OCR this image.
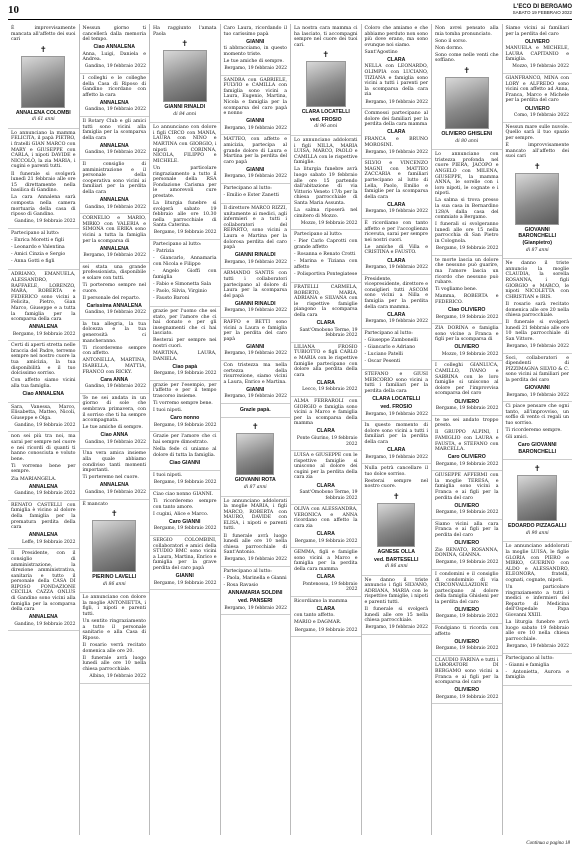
10	L'ECO DI BERGAMO
SABATO 19 FEBBRAIO 2022

È improvvisamente mancata all'affetto dei suoi cari

✝
ANNALENA COLOMBI
di 61 anni

Lo annunciano la mamma FELICITA, il papà PIETRO, i fratelli GIAN MARCO con MARY e GIUSEPPE con CARLA, i nipoti DAVIDE e NICCOLÒ, la zia MARIA, i cugini e parenti tutti.

Il funerale si svolgerà lunedì 21 febbraio alle ore 15 direttamente nella basilica di Gandino.

La cara Annalena sarà composta nella camera mortuaria della casa di riposo di Gandino.

Gandino, 19 febbraio 2022

Partecipano al lutto:

- Enrica Moretti e figli

- Leonardo e Valentina

- Amici Cinzia e Sergio

- Anna Gotti e figli

ADRIANO, EMANUELA, ALESSANDRO, RAFFAELE, LORENZO, MARA, ROBERTA e FEDERICO sono vicini a Felicita, Pietro, Gian Marco, Giuseppe e a tutta la famiglia per la scomparsa della cara

ANNALENA
Bergamo, 19 febbraio 2022

Certi di aperti stretta nelle braccia del Padre, terremo sempre nel nostro cuore la tua amicizia, la tua disponibilità e il tuo dolcissimo sorriso.

Con affetto siamo vicini alla tua famiglia.

Ciao ANNALENA

Sara, Vanessa, Marco, Elisabetta, Matteo, Nicoli, Giuseppe e Olga.

Gandino, 19 febbraio 2022

non sei più tra noi, ma sarai per sempre nel cuore e nei ricordi di quanti ti hanno conosciuta e voluto bene.

Ti vorremo bene per sempre.

Zia MARIANGELA.

ANNALENA
Gandino, 19 febbraio 2022

RENATO CASTELLI con famiglia è vicino al dolore della famiglia per la prematura perdita della cara

ANNALENA
Leffe, 19 febbraio 2022

Il Presidente, con il consiglio di amministrazione, la direzione amministrativa, sanitaria e tutto il personale della CASA DI RIPOSO FONDAZIONE CECILIA CAZZA ONLUS di Gandino sono vicini alla famiglia per la scomparsa della cara

ANNALENA
Gandino, 19 febbraio 2022

Nessun giorno ti cancellerà dalla memoria del tempo.

Ciao ANNALENA

Anna, Luigi, Daniela e Andrea.

Gandino, 19 febbraio 2022

I colleghi e le colleghe della Casa di Riposo di Gandino ricordano con affetto la cara

ANNALENA
Gandino, 19 febbraio 2022

Il Rotary Club e gli amici tutti sono vicini alla famiglia per la scomparsa della cara

ANNALENA
Gandino, 19 febbraio 2022

Il consiglio di amministrazione e il personale della cooperativa sono vicini ai familiari per la perdita della cara

ANNALENA
Gandino, 19 febbraio 2022

CORNELIO e MARIO, MIRKO con VALERIA e SIMONA con ERIKA sono vicini a tutta la famiglia per la scomparsa di

ANNALENA
Bergamo, 19 febbraio 2022

sei stata una grande professionista, disponibile e solare con tutti.

Ti porteremo sempre nel cuore.

Il personale del reparto.

Carissima ANNALENA
Gandino, 19 febbraio 2022

la tua allegria, la tua dolcezza e la tua generosità ci mancheranno.

Ti ricorderemo sempre con affetto.

ANTONELLA, MARTINA, ISABELLA, MATTIA, FRANCO con RICKY.

Cara ANNA
Gandino, 19 febbraio 2022

Te ne sei andata in un giorno di sole che sembrava primavera, con il sorriso che ti ha sempre accompagnata.

Le tue amiche di sempre.

Ciao ANNA
Gandino, 19 febbraio 2022

Una vera amica insieme alla quale abbiamo condiviso tanti momenti importanti.

Ti porteremo nel cuore.

ANNALENA
Gandino, 19 febbraio 2022

È mancato

✝
PIERINO LAVELLI
di 86 anni

Lo annunciano con dolore la moglie ANTONIETTA, i figli, i nipoti e parenti tutti.

Un sentito ringraziamento a tutto il personale sanitario e alla Casa di Riposo.

Il rosario verrà recitato domenica alle ore 20.

Il funerale avrà luogo lunedì alle ore 10 nella chiesa parrocchiale.

Albino, 19 febbraio 2022

Ha raggiunto l'amata Paola

✝
GIANNI RINALDI
di 84 anni

Lo annunciano con dolore i figli CIRCO con MANIA, LAURA con NINO e MARTINA con GIORGIO, i nipoti CORINNA, NICOLA, FILIPPO e MICHELE.

Un particolare ringraziamento a tutto il personale della RSA Fondazione Carisma per le amorevoli cure prestate.

La liturgia funebre si svolgerà sabato 19 febbraio alle ore 10.30 nella parrocchiale di Santa Caterina.

Bergamo, 19 febbraio 2022

Partecipano al lutto:

- Patrizia

- Giancarlo, Annamaria con Nicola e Filippo

- Angelo Gioffi con famiglia

- Fabio e Simonetta Sala

- Paolo, Silvia, Virginio

- Fausto Baroni

grazie per l'uomo che sei stato, per l'amore che ci hai donato e per gli insegnamenti che ci hai lasciato.

Resterai per sempre nei nostri cuori.

MARTINA, LAURA, DANIELA.

Ciao papà
Bergamo, 19 febbraio 2022

grazie per l'esempio, per l'affetto e per il tempo trascorso insieme.

Ti vorremo sempre bene.

I tuoi nipoti.

Caro nonno
Bergamo, 19 febbraio 2022

Grazie per l'amore che ci hai sempre dimostrato.

Nella fede ci uniamo al dolore di tutta la famiglia.

Ciao GIANNI

I tuoi nipoti.

Bergamo, 19 febbraio 2022

Ciao ciao nonno GIANNI.

Ti ricorderemo sempre con tanto amore.

I cugini, Alice e Marco.

Caro GIANNI
Bergamo, 19 febbraio 2022

SERGIO COLOMBINI, collaboratori e amici della STUDIO BMC sono vicini a Laura, Martina, Enrico e famiglia per la grave perdita del caro papà

GIANNI
Bergamo, 19 febbraio 2022

Caro Laura, ricordando il tuo carissimo papà

GIANNI

ti abbracciamo, in questo momento triste.

Le tue amiche di sempre.

Bergamo, 19 febbraio 2022

SANDRA con GABRIELE, FULVIO e CAMILLA con famiglia sono vicini a Laura, Eugenio, Martina, Nicola e famiglia per la scomparsa del caro papà e nonno

GIANNI
Bergamo, 19 febbraio 2022

MATTEO, con affetto e amicizia, partecipa al grande dolore di Laura e Martina per la perdita del caro papà

GIANNI
Bergamo, 19 febbraio 2022

Partecipano al lutto:

- Emilio e Ester Zanetti

Il direttore MARCO RIZZI, unitamente ai medici, agli infermieri e a tutti i collaboratori del REPARTO, sono vicini a Laura e Martina per la dolorosa perdita del caro papà

GIANNI RINALDI
Bergamo, 19 febbraio 2022

ARMANDO SANTIS con tutti i collaboratori partecipano al dolore di Laura per la scomparsa del papà

GIANNI RINALDI
Bergamo, 19 febbraio 2022

RAFFO e BETTI sono vicini a Laura e famiglia per la perdita del caro papà

GIANNI
Bergamo, 19 febbraio 2022

Con tristezza ma nella certezza della risurrezione, siamo vicini a Laura, Enrico e Martina.

GIANNI
Bergamo, 19 febbraio 2022
Grazie papà.
✝
GIOVANNI ROTA
di 87 anni

Lo annunciano addolorati la moglie MARIA, i figli MARCO, ROBERTA con MAURO, DAVIDE con ELISA, i nipoti e parenti tutti.

Il funerale avrà luogo lunedì alle ore 10 nella chiesa parrocchiale di Sant'Antonio.

Bergamo, 19 febbraio 2022

Partecipano al lutto:

- Paola, Marinella e Gianni

- Rosa Ravasio

ANNAMARIA SOLDINI
ved. PANSERI
Bergamo, 19 febbraio 2022

La nostra cara mamma ci ha lasciato, ti accompagni sempre nel cuore dei tuoi cari.

✝
CLARA LOCATELLI
ved. FROSIO
di 96 anni

Lo annunciano addolorati i figli NILLA, MARIA LUISA, MARCO, PAOLO e CAMILLA con le rispettive famiglie.

La liturgia funebre avrà luogo sabato 19 febbraio alle ore 15 partendo dall'abitazione di via Vittorio Veneto 17/b per la chiesa parrocchiale di Santa Maria Assunta.

La salma riposerà nel cimitero di Mozzo.

Mozzo, 19 febbraio 2022

Partecipano al lutto:

- Pier Carlo Caprotti con grande affetto

- Rosanna e Renato Crotti

- Marina e Tiziana con affetto

- Polisportiva Pontegiatese

FRATELLI CARMELA, ROBERTO, MARIA, ADRIANA e SILVANA con le rispettive famiglie piangono la scomparsa della cara

CLARA
Sant'Omobono Terme, 19 febbraio 2022

LILIANA FROSIO TUBIOTTO e figli CARLO e MARIA con le rispettive famiglie partecipano con dolore alla perdita della cara

CLARA
Lecco, 19 febbraio 2022

ALMA FERRAROLI con GIORGIO e famiglia sono vicini a Marco e famiglia per la scomparsa della mamma

CLARA
Ponte Giurino, 19 febbraio 2022

LUISA e GIUSEPPE con le rispettive famiglie si uniscono al dolore dei cugini per la perdita della cara zia

CLARA
Sant'Omobono Terme, 19 febbraio 2022

OLIVA con ALESSANDRA, VERONICA e ANNA ricordano con affetto la cara zia

CLARA
Bergamo, 19 febbraio 2022

GEMMA, figli e famiglie sono vicini a Marco e famiglia per la perdita della cara mamma

CLARA
Pontenossa, 19 febbraio 2022

Ricordiamo la mamma

CLARA

con tanto affetto.

MARIO e DAGMAR.

Bergamo, 19 febbraio 2022

Coloro che amiamo e che abbiamo perduto non sono più dove erano, ma sono ovunque noi siamo.

Sant'Agostino

CLARA

NELLA con LEONARDO, OLIMPIA con LUCIANO, TIZIANA e famiglia sono vicini a tutti i parenti per la scomparsa della cara zia

Bergamo, 19 febbraio 2022

Commossi partecipano al dolore dei familiari per la perdita della cara mamma

CLARA

FRANCA e BRUNO MOROSINI.

Bergamo, 19 febbraio 2022

SILVIO e VINCENZO MAGNI con MATTEO ZACCARIA e familiari partecipano al lutto di Lella, Paolo, Emilio e famiglie per la scomparsa della cara

CLARA
Bergamo, 19 febbraio 2022

È ricordiamo con tanto affetto e per l'accoglienza ricevuta, sarai per sempre nei nostri cuori.

Le amiche di Villa e CRISTINA e FAUSTO.

CLARA
Bergamo, 19 febbraio 2022

Presidente, vicepresidente, direttore e consiglieri tutti ASCOM sono vicini a Nilla e famiglia per la perdita della cara mamma.

CLARA
Bergamo, 19 febbraio 2022

Partecipano al lutto:

- Giuseppe Zambonelli

- Giancarlo e Adriano

- Luciano Patelli

- Oscar Pesenti

STEFANO e GIUSI MERCORIO sono vicini a tutti i familiari per la perdita della cara

CLARA LOCATELLI
ved. FROSIO
Bergamo, 19 febbraio 2022

In questo momento di dolore sono vicini a tutti i familiari per la perdita della cara

CLARA
Bergamo, 19 febbraio 2022

Nulla potrà cancellare il tuo dolce sorriso.

Resterai sempre nel nostro cuore.

✝
AGNESE OLLA
ved. BARTESELLI
di 86 anni

Ne danno il triste annuncio i figli SILVANO, ADRIANA, MARIA con le rispettive famiglie, i nipoti e parenti tutti.

Il funerale si svolgerà lunedì alle ore 15 nella chiesa parrocchiale.

Bergamo, 19 febbraio 2022

Non avrei pensato alla mia tomba pronunciato.

Sono il sorso.

Non dormo.

Sono come nelle venti che soffiano.

✝
OLIVIERO GHISLENI
di 80 anni

Lo annunciano con tristezza profonda nel cuore PIERA, JACOPO e ANGELO con MILENA, GIUSEPPE, la mamma ANNA, le sorelle con i loro nipoti, le cognate e i nipoti.

La salma si trova presso la sua casa in Bernardino 128/A dalla casa del commiato a Bergamo.

I funerali si svolgeranno lunedì alle ore 15 nella parrocchia di San Pietro in Colognola.

Bergamo, 19 febbraio 2022

te morte lascia un dolore che nessuno può guarire, ma l'amore lascia un ricordo che nessuno può rubare.

Ti vogliamo bene.

Mamma, ROBERTA e FEDERICO.

Ciao OLIVIERO
Bergamo, 19 febbraio 2022

ZIA DORINA e famiglia sono vicine a Franca e figli per la scomparsa di

OLIVIERO
Mozzo, 19 febbraio 2022

I colleghi GIANLUCA, CAMILLO, IVANO e SABRINA con le loro famiglie si uniscono al dolore per l'improvvisa scomparsa del caro

OLIVIERO
Bergamo, 19 febbraio 2022

te ne sei andato troppo presto.

Il GRUPPO ALPINI, I FAMIGLIO con LAURA e FAUSTA, e STEFANO con MARCELLA.

Caro OLIVIERO
Bergamo, 19 febbraio 2022

GIUSEPPE AFFERMI con la moglie TERESA, e famiglia sono vicini a Franca e ai figli per la perdita del caro

OLIVIERO
Bergamo, 19 febbraio 2022

Siamo vicini alla cara Franca e ai figli per la perdita del caro

OLIVIERO

Zio RENATO, ROSANNA, DONINA, GIANNA.

Bergamo, 19 febbraio 2022

I condomini e il consiglio di condominio di via CIRCONVALLAZIONE partecipano al dolore della famiglia Ghisleni per la perdita del caro

OLIVIERO
Bergamo, 19 febbraio 2022

Fondgiano ti ricorda con affetto

OLIVIERO
Bergamo, 19 febbraio 2022

CLAUDIO FARINA e tutti i LABORATORI DI BERGAMO sono vicini a Franca e ai figli per la scomparsa del caro

OLIVIERO
Bergamo, 19 febbraio 2022

Siamo vicini ai familiari per la perdita del caro

OLIVIERO

MANUELA e MICHELE, LAURA CAPITANIO e famiglia.

Mozzo, 19 febbraio 2022

GIANFRANCO, MINA con LORY e ALFREDO sono vicini con affetto ad Anna, Franca, Marco e Michele per la perdita del caro

OLIVIERO
Como, 19 febbraio 2022

Nessun mare sulle nuvole. Quello sarà il tuo spazio per sempre.

È improvvisamente mancato all'affetto dei suoi cari

✝
GIOVANNI BARONCHELLI
(Gianpietro)
di 87 anni

Ne danno il triste annuncio la moglie CLAUDIA, la sorella ROSANNA, i figli GIORGIO e MARCO, le nipoti NICOLETTA con CHRISTIAN e IRIS.

Il rosario sarà recitato domenica alle ore 20 nella chiesa parrocchiale.

Il funerale si svolgerà lunedì 21 febbraio alle ore 10 nella parrocchiale di San Vittore.

Bergamo, 19 febbraio 2022

Soci, collaboratori e dipendenti di PIZZIMAGNA SILVIO & C. sono vicini ai familiari per la perdita del caro

GIOVANNI
Bergamo, 19 febbraio 2022

Ci piace pensare che ogni tanto, all'improvviso, un soffio di vento ci regali un tuo sorriso.

Ti ricorderemo sempre.

Gli amici.

Caro GIOVANNI BARONCHELLI
✝
EDOARDO PIZZAGALLI
di 90 anni

Lo annunciano addolorati la moglie LUISA, le figlie GLORIA con PIERO e MIRKO, GUERINO con ALDO e ALESSANDRO, ELEONORA, fratelli, cognati, cognate, nipoti.

Un particolare ringraziamento a tutti i medici e infermieri del Reparto di Medicina dell'Ospedale Papa Giovanni XXIII.

La liturgia funebre avrà luogo sabato 19 febbraio alle ore 10 nella chiesa parrocchiale.

Bergamo, 19 febbraio 2022

Partecipano al lutto:

- Gianni e famiglia

- Antonietta, Aurora e famiglia

Continua a pagina 18
